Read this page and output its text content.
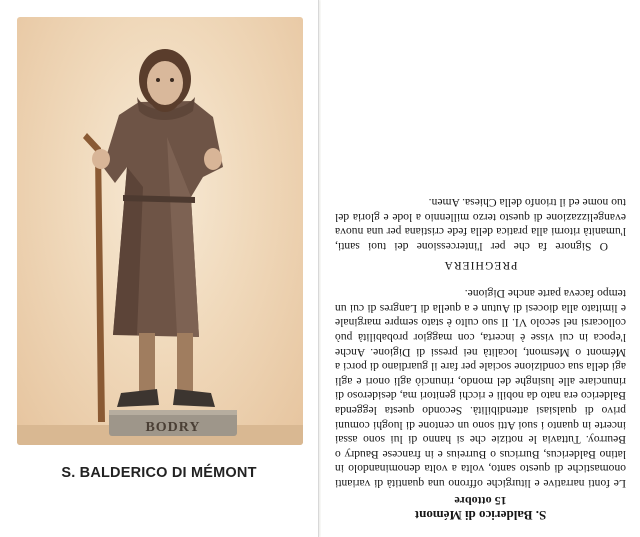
BODRY
S. BALDERICO DI MÉMONT
S. Balderico di Mémont
15 ottobre

Le fonti narrative e liturgiche offrono una quantità di varianti onomastiche di questo santo, volta a volta denominandolo in latino Baldericus, Burricus o Burreius e in francese Baudry o Beurroy. Tuttavia le notizie che si hanno di lui sono assai incerte in quanto i suoi Atti sono un centone di luoghi comuni privo di qualsiasi attendibilità. Secondo questa leggenda Balderico era nato da nobili e ricchi genitori ma, desideroso di rinunciare alle lusinghe del mondo, rinunciò agli onori e agli agi della sua condizione sociale per fare il guardiano di porci a Mémont o Mesmont, località nei pressi di Digione. Anche l'epoca in cui visse è incerta, con maggior probabilità può collocarsi nel secolo VI. Il suo culto è stato sempre marginale e limitato alla diocesi di Autun e a quella di Langres di cui un tempo faceva parte anche Digione.

PREGHIERA

O Signore fa che per l'intercessione dei tuoi santi, l'umanità ritorni alla pratica della fede cristiana per una nuova evangelizzazione di questo terzo millennio a lode e gloria del tuo nome ed il trionfo della Chiesa. Amen.
